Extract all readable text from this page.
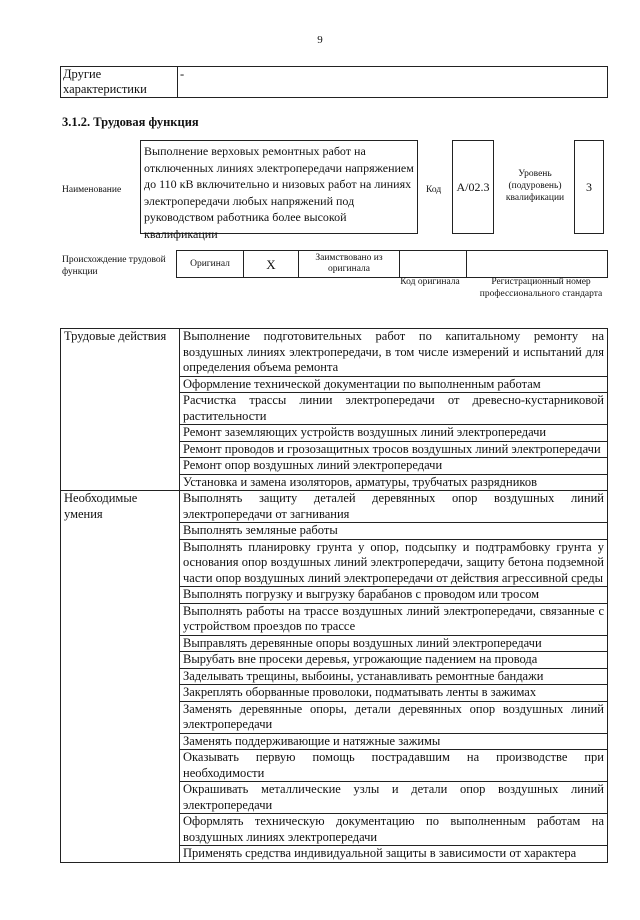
9
Другие характеристики	-
3.1.2. Трудовая функция
Наименование
Выполнение верховых ремонтных работ на отключенных линиях электропередачи напряжением до 110 кВ включительно и низовых работ на линиях электропередачи любых напряжений под руководством работника более высокой квалификации
Код	А/02.3
Уровень (подуровень) квалификации
3
Происхождение трудовой функции
Оригинал	X	Заимствовано из оригинала		
Код оригинала	Регистрационный номер профессионального стандарта
Трудовые действия	Выполнение подготовительных работ по капитальному ремонту на воздушных линиях электропередачи, в том числе измерений и испытаний для определения объема ремонта
	Оформление технической документации по выполненным работам
	Расчистка трассы линии электропередачи от древесно-кустарниковой растительности
	Ремонт заземляющих устройств воздушных линий электропередачи
	Ремонт проводов и грозозащитных тросов воздушных линий электропередачи
	Ремонт опор воздушных линий электропередачи
	Установка и замена изоляторов, арматуры, трубчатых разрядников
Необходимые умения	Выполнять защиту деталей деревянных опор воздушных линий электропередачи от загнивания
	Выполнять земляные работы
	Выполнять планировку грунта у опор, подсыпку и подтрамбовку грунта у основания опор воздушных линий электропередачи, защиту бетона подземной части опор воздушных линий электропередачи от действия агрессивной среды
	Выполнять погрузку и выгрузку барабанов с проводом или тросом
	Выполнять работы на трассе воздушных линий электропередачи, связанные с устройством проездов по трассе
	Выправлять деревянные опоры воздушных линий электропередачи
	Вырубать вне просеки деревья, угрожающие падением на провода
	Заделывать трещины, выбоины, устанавливать ремонтные бандажи
	Закреплять оборванные проволоки, подматывать ленты в зажимах
	Заменять деревянные опоры, детали деревянных опор воздушных линий электропередачи
	Заменять поддерживающие и натяжные зажимы
	Оказывать первую помощь пострадавшим на производстве при необходимости
	Окрашивать металлические узлы и детали опор воздушных линий электропередачи
	Оформлять техническую документацию по выполненным работам на воздушных линиях электропередачи
	Применять средства индивидуальной защиты в зависимости от характера
